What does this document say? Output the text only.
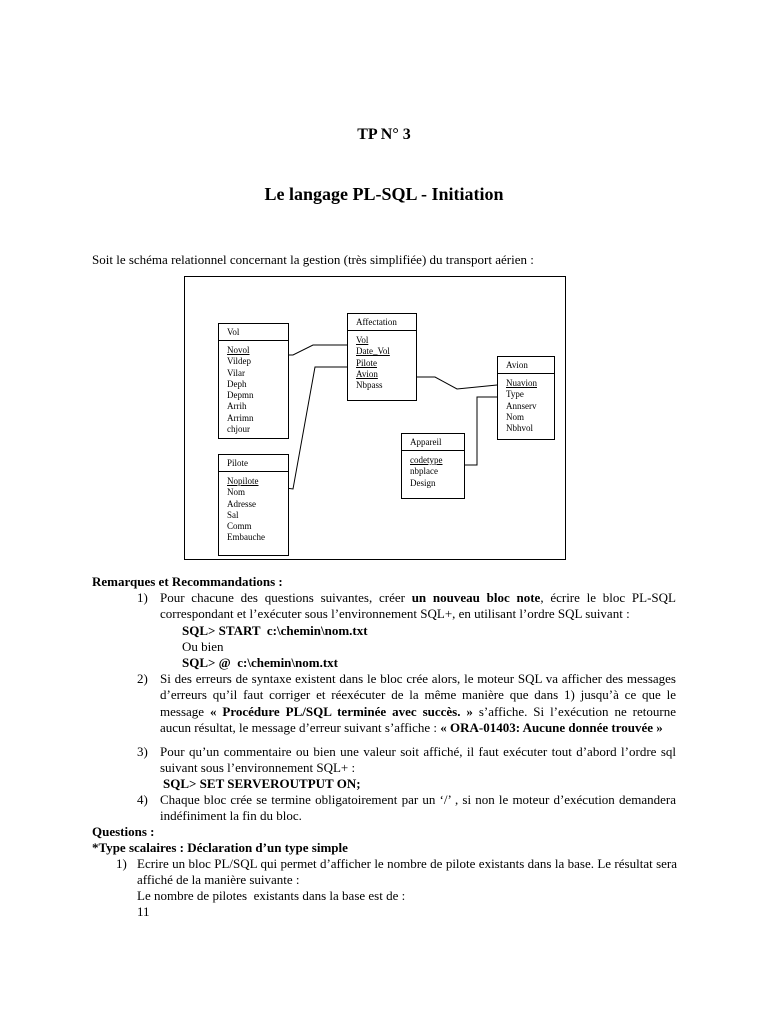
TP N° 3
Le langage PL-SQL - Initiation
Soit le schéma relationnel concernant la gestion (très simplifiée) du transport aérien :
Vol
Novol
Vildep
Vilar
Deph
Depmn
Arrih
Arrimn
chjour
Affectation
Vol
Date_Vol
Pilote
Avion
Nbpass
Avion
Nuavion
Type
Annserv
Nom
Nbhvol
Appareil
codetype
nbplace
Design
Pilote
Nopilote
Nom
Adresse
Sal
Comm
Embauche
Remarques et Recommandations :
1) Pour chacune des questions suivantes, créer un nouveau bloc note, écrire le bloc PL-SQL correspondant et l’exécuter sous l’environnement SQL+, en utilisant l’ordre SQL suivant :
SQL> START  c:\chemin\nom.txt
Ou bien
SQL> @  c:\chemin\nom.txt
2) Si des erreurs de syntaxe existent dans le bloc crée alors, le moteur SQL va afficher des messages d’erreurs qu’il faut corriger et réexécuter de la même manière que dans 1) jusqu’à ce que le message « Procédure PL/SQL terminée avec succès. » s’affiche. Si l’exécution ne retourne aucun résultat, le message d’erreur suivant s’affiche : « ORA-01403: Aucune donnée trouvée »
3) Pour qu’un commentaire ou bien une valeur soit affiché, il faut exécuter tout d’abord l’ordre sql suivant sous l’environnement SQL+ :
SQL> SET SERVEROUTPUT ON;
4) Chaque bloc crée se termine obligatoirement par un ‘/’ , si non le moteur d’exécution demandera indéfiniment la fin du bloc.
Questions :
*Type scalaires : Déclaration d’un type simple
1) Ecrire un bloc PL/SQL qui permet d’afficher le nombre de pilote existants dans la base. Le résultat sera affiché de la manière suivante :
Le nombre de pilotes  existants dans la base est de :
11
